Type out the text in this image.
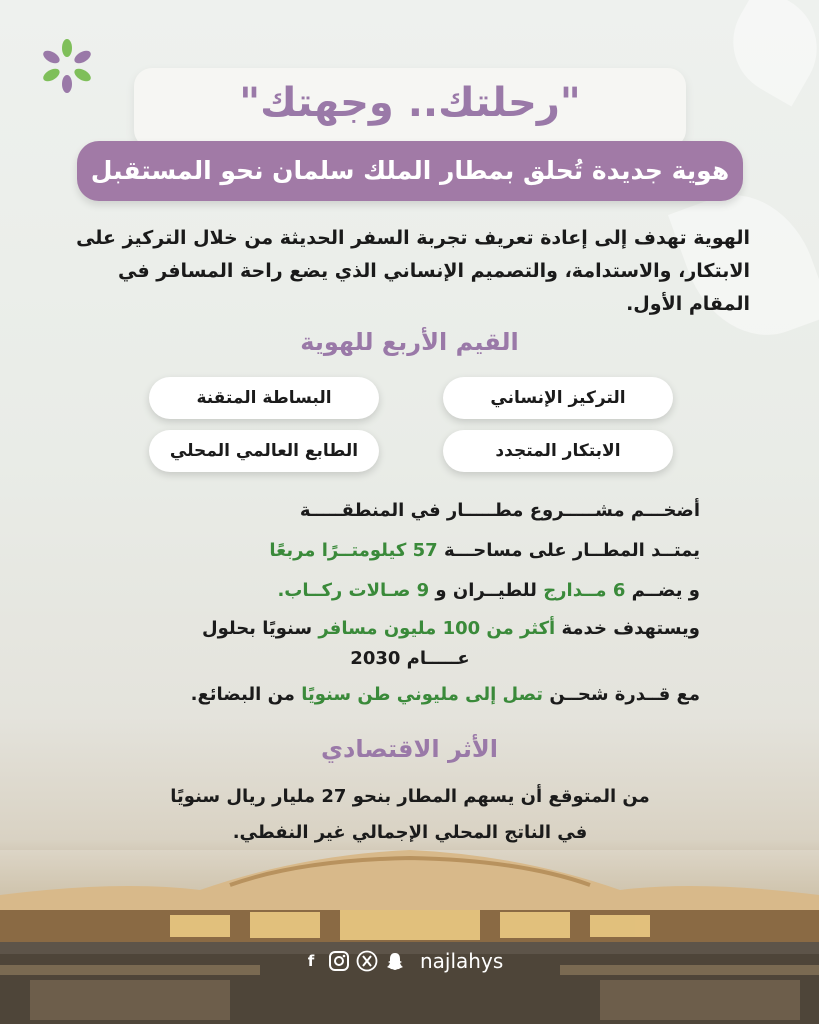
"رحلتك.. وجهتك"
هوية جديدة تُحلق بمطار الملك سلمان نحو المستقبل
الهوية تهدف إلى إعادة تعريف تجربة السفر الحديثة من خلال التركيز على الابتكار، والاستدامة، والتصميم الإنساني الذي يضع راحة المسافر في المقام الأول.
القيم الأربع للهوية
التركيز الإنساني
البساطة المتقنة
الابتكار المتجدد
الطابع العالمي المحلي
أضخـــم مشـــــروع مطـــــار في المنطقـــــة
يمتــد المطــار على مساحـــة 57 كيلومتــرًا مربعًا
و يضــم 6 مــدارج للطيــران و 9 صـالات ركــاب.
ويستهدف خدمة أكثر من 100 مليون مسافر سنويًا بحلول
عـــــام 2030
مع قــدرة شحــن تصل إلى مليوني طن سنويًا من البضائع.
الأثر الاقتصادي
من المتوقع أن يسهم المطار بنحو 27 مليار ريال سنويًا
في الناتج المحلي الإجمالي غير النفطي.
f	najlahys
